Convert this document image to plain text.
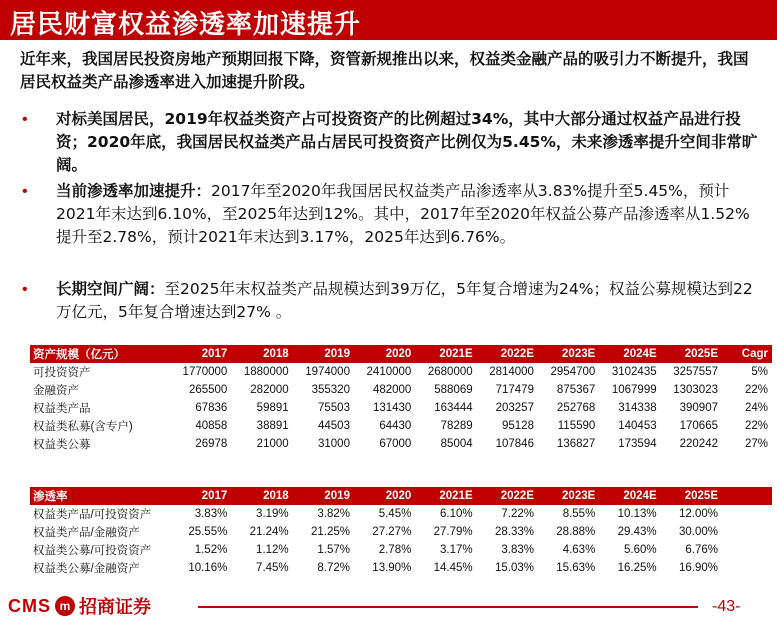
居民财富权益渗透率加速提升
近年来，我国居民投资房地产预期回报下降，资管新规推出以来，权益类金融产品的吸引力不断提升，我国居民权益类产品渗透率进入加速提升阶段。
• 对标美国居民，2019年权益类资产占可投资资产的比例超过34%，其中大部分通过权益产品进行投资；2020年底，我国居民权益类产品占居民可投资资产比例仅为5.45%，未来渗透率提升空间非常旷阔。
• 当前渗透率加速提升：2017年至2020年我国居民权益类产品渗透率从3.83%提升至5.45%，预计2021年末达到6.10%，至2025年达到12%。其中，2017年至2020年权益公募产品渗透率从1.52%提升至2.78%，预计2021年末达到3.17%，2025年达到6.76%。
• 长期空间广阔：至2025年末权益类产品规模达到39万亿，5年复合增速为24%；权益公募规模达到22万亿元，5年复合增速达到27% 。
资产规模（亿元）	2017	2018	2019	2020	2021E	2022E	2023E	2024E	2025E	Cagr
可投资资产	1770000	1880000	1974000	2410000	2680000	2814000	2954700	3102435	3257557	5%
金融资产	265500	282000	355320	482000	588069	717479	875367	1067999	1303023	22%
权益类产品	67836	59891	75503	131430	163444	203257	252768	314338	390907	24%
权益类私募(含专户)	40858	38891	44503	64430	78289	95128	115590	140453	170665	22%
权益类公募	26978	21000	31000	67000	85004	107846	136827	173594	220242	27%
渗透率	2017	2018	2019	2020	2021E	2022E	2023E	2024E	2025E	
权益类产品/可投资资产	3.83%	3.19%	3.82%	5.45%	6.10%	7.22%	8.55%	10.13%	12.00%	
权益类产品/金融资产	25.55%	21.24%	21.25%	27.27%	27.79%	28.33%	28.88%	29.43%	30.00%	
权益类公募/可投资资产	1.52%	1.12%	1.57%	2.78%	3.17%	3.83%	4.63%	5.60%	6.76%	
权益类公募/金融资产	10.16%	7.45%	8.72%	13.90%	14.45%	15.03%	15.63%	16.25%	16.90%	
CMS m 招商证券	-43-
